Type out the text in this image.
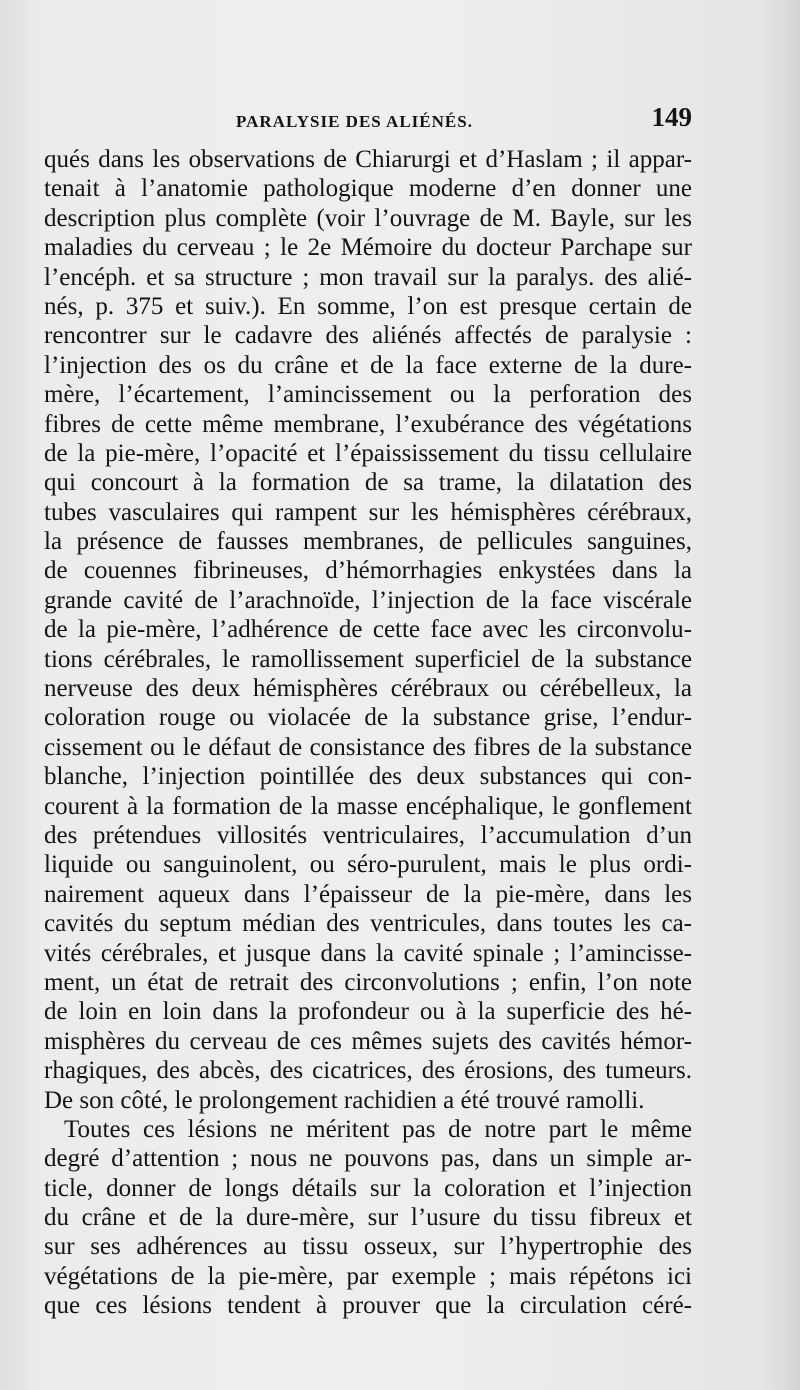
PARALYSIE DES ALIÉNÉS.	149
qués dans les observations de Chiarurgi et d’Haslam ; il appar-
tenait à l’anatomie pathologique moderne d’en donner une
description plus complète (voir l’ouvrage de M. Bayle, sur les
maladies du cerveau ; le 2e Mémoire du docteur Parchape sur
l’encéph. et sa structure ; mon travail sur la paralys. des alié-
nés, p. 375 et suiv.). En somme, l’on est presque certain de
rencontrer sur le cadavre des aliénés affectés de paralysie :
l’injection des os du crâne et de la face externe de la dure-
mère, l’écartement, l’amincissement ou la perforation des
fibres de cette même membrane, l’exubérance des végétations
de la pie-mère, l’opacité et l’épaississement du tissu cellulaire
qui concourt à la formation de sa trame, la dilatation des
tubes vasculaires qui rampent sur les hémisphères cérébraux,
la présence de fausses membranes, de pellicules sanguines,
de couennes fibrineuses, d’hémorrhagies enkystées dans la
grande cavité de l’arachnoïde, l’injection de la face viscérale
de la pie-mère, l’adhérence de cette face avec les circonvolu-
tions cérébrales, le ramollissement superficiel de la substance
nerveuse des deux hémisphères cérébraux ou cérébelleux, la
coloration rouge ou violacée de la substance grise, l’endur-
cissement ou le défaut de consistance des fibres de la substance
blanche, l’injection pointillée des deux substances qui con-
courent à la formation de la masse encéphalique, le gonflement
des prétendues villosités ventriculaires, l’accumulation d’un
liquide ou sanguinolent, ou séro-purulent, mais le plus ordi-
nairement aqueux dans l’épaisseur de la pie-mère, dans les
cavités du septum médian des ventricules, dans toutes les ca-
vités cérébrales, et jusque dans la cavité spinale ; l’amincisse-
ment, un état de retrait des circonvolutions ; enfin, l’on note
de loin en loin dans la profondeur ou à la superficie des hé-
misphères du cerveau de ces mêmes sujets des cavités hémor-
rhagiques, des abcès, des cicatrices, des érosions, des tumeurs.
De son côté, le prolongement rachidien a été trouvé ramolli.
Toutes ces lésions ne méritent pas de notre part le même
degré d’attention ; nous ne pouvons pas, dans un simple ar-
ticle, donner de longs détails sur la coloration et l’injection
du crâne et de la dure-mère, sur l’usure du tissu fibreux et
sur ses adhérences au tissu osseux, sur l’hypertrophie des
végétations de la pie-mère, par exemple ; mais répétons ici
que ces lésions tendent à prouver que la circulation céré-
